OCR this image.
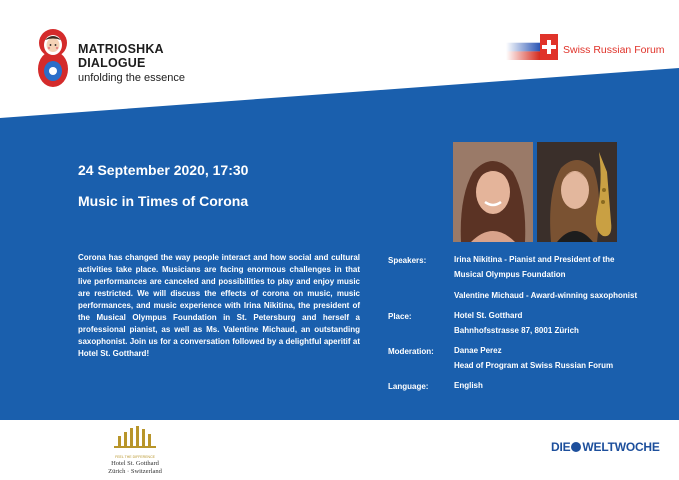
MATRIOSHKA
DIALOGUE
unfolding the essence
Swiss Russian Forum
24 September 2020, 17:30
Music in Times of Corona

Corona has changed the way people interact and how social and cultural activities take place. Musicians are facing enormous challenges in that live performances are canceled and possibilities to play and enjoy music are restricted. We will discuss the effects of corona on music, music performances, and music experience with Irina Nikitina, the president of the Musical Olympus Foundation in St. Petersburg and herself a professional pianist, as well as Ms. Valentine Michaud, an outstanding saxophonist. Join us for a conversation followed by a delightful aperitif at Hotel St. Gotthard!

Speakers:	Irina Nikitina - Pianist and President of the
Musical Olympus Foundation
Valentine Michaud - Award-winning saxophonist
Place:	Hotel St. Gotthard
Bahnhofsstrasse 87, 8001 Zürich
Moderation:	Danae Perez
Head of Program at Swiss Russian Forum
Language:	English
FEEL THE DIFFERENCE
Hotel St. Gotthard
Zürich · Switzerland
DIE WELTWOCHE
